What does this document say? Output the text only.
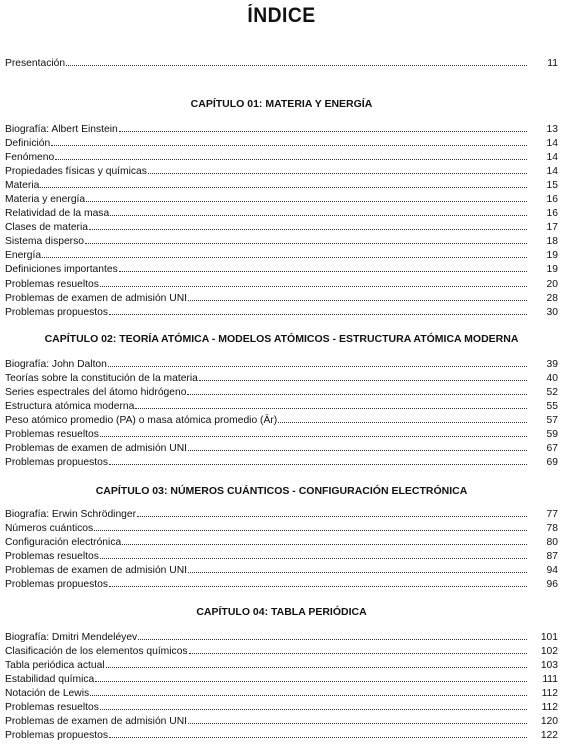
ÍNDICE
Presentación	11
CAPÍTULO 01: MATERIA Y ENERGÍA
Biografía: Albert Einstein	13
Definición	14
Fenómeno	14
Propiedades físicas y químicas	14
Materia	15
Materia y energía	16
Relatividad de la masa	16
Clases de materia	17
Sistema disperso	18
Energía	19
Definiciones importantes	19
Problemas resueltos	20
Problemas de examen de admisión UNI	28
Problemas propuestos	30
CAPÍTULO 02: TEORÍA ATÓMICA - MODELOS ATÓMICOS - ESTRUCTURA ATÓMICA MODERNA
Biografía: John Dalton	39
Teorías sobre la constitución de la materia	40
Series espectrales del átomo hidrógeno	52
Estructura atómica moderna	55
Peso atómico promedio (PA) o masa atómica promedio (Ār)	57
Problemas resueltos	59
Problemas de examen de admisión UNI	67
Problemas propuestos	69
CAPÍTULO 03: NÚMEROS CUÁNTICOS - CONFIGURACIÓN ELECTRÓNICA
Biografía: Erwin Schrödinger	77
Números cuánticos	78
Configuración electrónica	80
Problemas resueltos	87
Problemas de examen de admisión UNI	94
Problemas propuestos	96
CAPÍTULO 04: TABLA PERIÓDICA
Biografía: Dmitri Mendeléyev	101
Clasificación de los elementos químicos	102
Tabla periódica actual	103
Estabilidad química	111
Notación de Lewis	112
Problemas resueltos	112
Problemas de examen de admisión UNI	120
Problemas propuestos	122
